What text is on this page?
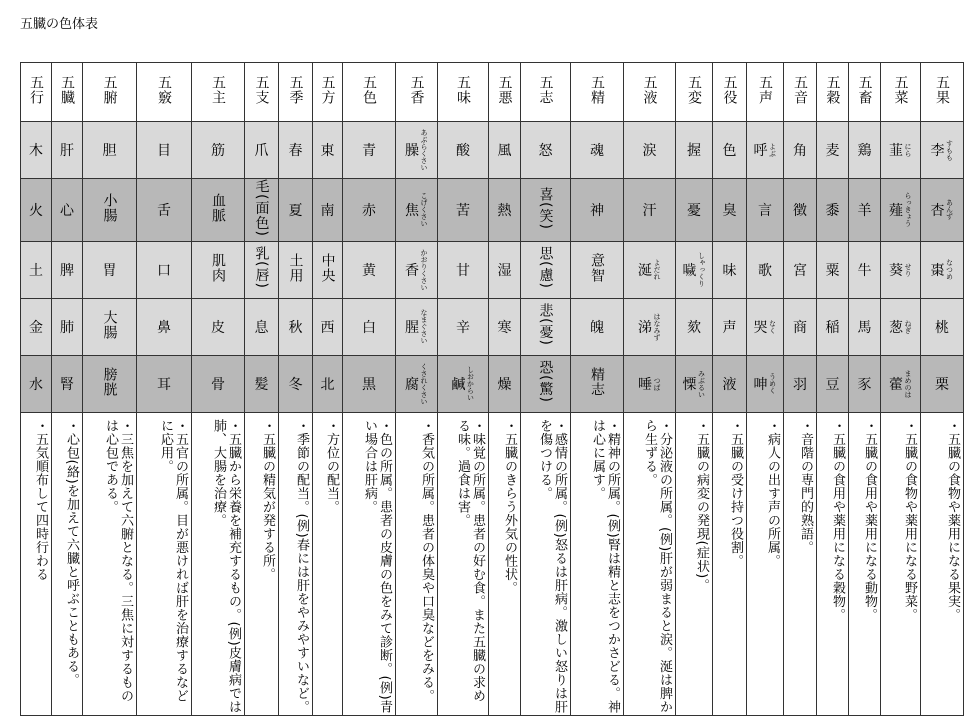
五臓の色体表
五行	五臓	五腑	五竅	五主	五支	五季	五方	五色	五香	五味	五悪	五志	五精	五液	五変	五役	五声	五音	五穀	五畜	五菜	五果

木	肝	胆	目	筋	爪	春	東	青	臊 あぶらくさい	酸	風	怒	魂	涙	握	色	呼 よぶ	角	麦	鶏	韮 にら	李 すもも

火	心	小腸	舌	血脈	毛(面色)	夏	南	赤	焦 こげくさい	苦	熱	喜(笑)	神	汗	憂	臭	言	徴	黍	羊	薤 らっきょう	杏 あんず

土	脾	胃	口	肌肉	乳(唇)	土用	中央	黄	香 かおりくさい	甘	湿	思(慮)	意智	涎 よだれ	噦 しゃっくり	味	歌	宮	粟	牛	葵 せり	棗 なつめ

金	肺	大腸	鼻	皮	息	秋	西	白	腥 なまぐさい	辛	寒	悲(憂)	魄	涕 はなみず	欬	声	哭 なく	商	稲	馬	葱 ねぎ	桃

水	腎	膀胱	耳	骨	髪	冬	北	黒	腐 くされくさい	鹹 しおからい	燥	恐(驚)	精志	唾 つば	慄 みぶるい	液	呻 うめく	羽	豆	豕	藿 まめのは	栗

・ 五気順布して四時行わる	・ 心包(絡)を加えて六臓と呼ぶこともある。	・ 三焦を加えて六腑となる。三焦に対するものは心包である。	・ 五官の所属。目が悪ければ肝を治療するなどに応用。	・ 五臓から栄養を補充するもの。(例)皮膚病では肺、大腸を治療。	・ 五臓の精気が発する所。	・ 季節の配当。(例)春には肝をやみやすいなど。	・ 方位の配当。	・ 色の所属。患者の皮膚の色をみて診断。(例)青い場合は肝病。	・ 香気の所属。患者の体臭や口臭などをみる。	・ 味覚の所属。患者の好む食。また五臓の求める味。過食は害。	・ 五臓のきらう外気の性状。	・ 感情の所属。(例)怒るは肝病。激しい怒りは肝を傷つける。	・ 精神の所属。(例)腎は精と志をつかさどる。神は心に属す。	・ 分泌液の所属。(例)肝が弱まると涙。涎は脾から生ずる。	・ 五臓の病変の発現(症状)。	・ 五臓の受け持つ役割。	・ 病人の出す声の所属。	・ 音階の専門的熟語。	・ 五臓の食用や薬用になる穀物。	・ 五臓の食用や薬用になる動物。	・ 五臓の食物や薬用になる野菜。	・ 五臓の食物や薬用になる果実。
